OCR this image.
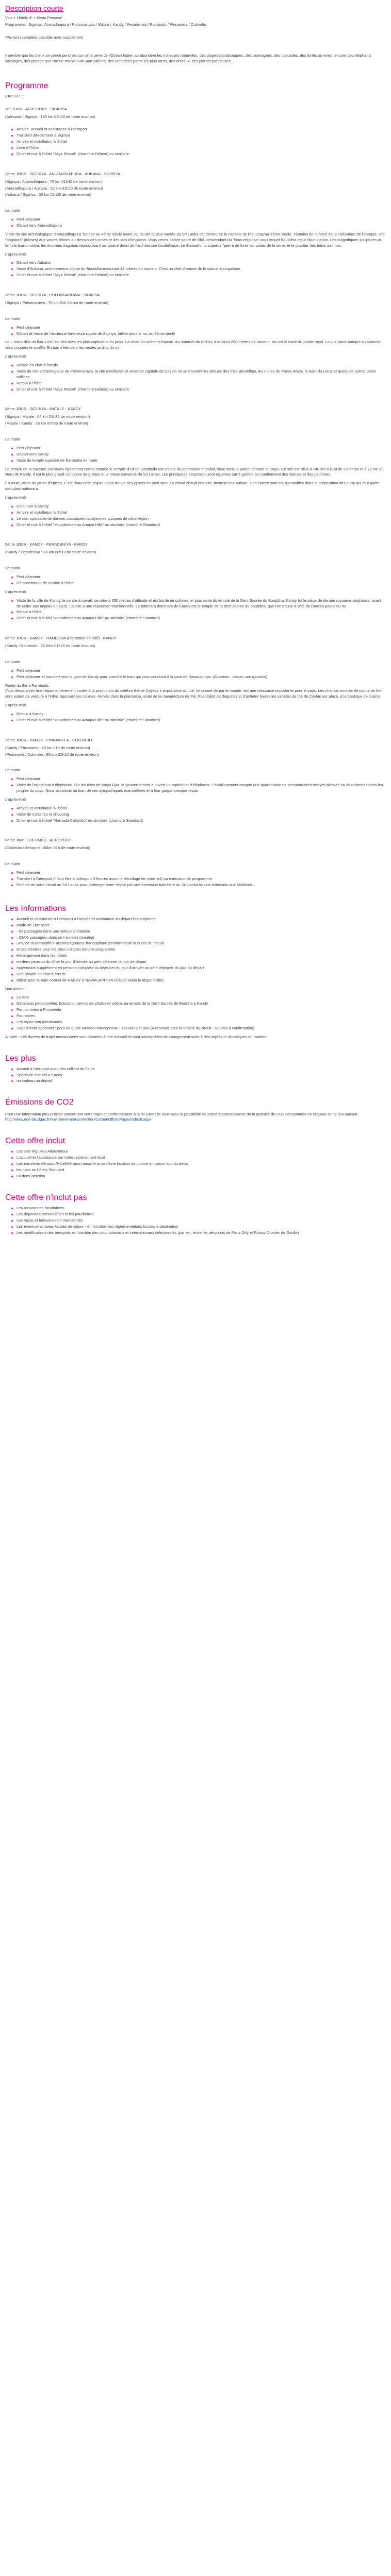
Description courte

Vols + Hôtels 4* + Demi Pension*

Programme : Sigiriya / Anuradhapura / Polonnaruwa / Matale / Kandy / Peradeniya / Rambodo / Pinnawela / Colombo

*Pension complète possible avec supplément

Il semble que les dieux se soient penchés sur cette perle de l'Océan Indien au abondent les richesses naturelles, des plages paradisiaques, des montagnes, des cascades, des forêts où vivent encore des éléphants sauvages, des plantes que l'on ne trouve nulle part ailleurs, des orchidées parmi les plus rares, des oiseaux, des pierres précieuses...

Programme

CIRCUIT :

1er JOUR : AEROPORT - SIGIRIYA

(Aéroport / Sigiriya : 190 km 04h40 de route environ)

Arrivée, accueil et assistance à l'aéroport
Transfert directement à Sigiriya
Arrivée et installation à l'hôtel
Libre à l'hôtel
Dîner et nuit à l'hôtel "Aliya Resort" (chambre Deluxe) ou similaire

2ème JOUR : SIGIRIYA - ANURADHAPURA - AUKANA - SIGIRIYA

(Sigiriya / Anuradhapura : 75 km 01h40 de route environ)

(Anuradhapura / Aukana : 52 km 01h20 de route environ)

(Aukana / Sigiriya : 50 km 01h20 de route environ)

Le matin

Petit déjeuner
Départ vers Anuradhapura

Visite du site archéologique d'Anuradhapura: fondée au 4ème siècle avant JC, la cité la plus sacrée du Sri Lanka est demeurée la capitale de l'île jusqu'au Xème siècle. Témoins de la force de la civilisation de l'époque, ses "dagobas" (dômes) aux vastes dômes au-dessus des cimes et des lacs d'irrigation. Vous verrez l'arbre sacré de Bhô, descendant du "ficus religiosa" sous lequel Bouddha reçut l'illumination. Les magnifiques sculptures du temple Isurumuniya, les énormes dagobas reproduisant les quatre dieux de l'architecture bouddhique. Le Samadhi, la superbe "pierre de lune" du palais de la reine, et le quartier des bains des rois.

L'après-midi

Départ vers Aukana
Visite d'Aukana, une immense statue du Bouddha mesurant 12 mètres en hauteur. C'est un chef d'œuvre de la statuaire cingalaise
Dîner et nuit à l'hôtel "Aliya Resort" (chambre Deluxe) ou similaire

3ème JOUR : SIGIRIYA - POLONNARUWA - SIGIRIYA

(Sigiriya / Polonnaruwa : 70 km 01h 40mm de route environ)

Le matin

Petit déjeuner
Départ et Visite de l'ancienne forteresse royale de Sigiriya, taillée dans le roc au 5ème siècle

Le « monolithe du lion » est l'un des sites les plus captivants du pays. La visite du rocher s'impose. Au sommet du rocher, à environ 200 mètres de hauteur, on voit le tracé du palais royal. La vue panoramique au sommet vous coupera le souffle. En bas s'étendent les vastes jardins du roi.

L'après-midi

Balade en char à bœufs
Visite du site archéologique de Polonnaruwa, la cité médiévale et seconde capitale de Ceylan où se trouvent les statues des trois Bouddhas, les ruines du Palais Royal, le Bain du Lotus et quelques autres petits édifices
Retour à l'hôtel
Dîner et nuit à l'hôtel "Aliya Resort" (chambre Deluxe) ou similaire

4ème JOUR : SIGIRIYA - MATALE - KANDY

(Sigiriya / Matale : 64 km 01h35 de route environ)

(Matale / Kandy : 26 km 00h35 de route environ)

Le matin

Petit déjeuner
Départ vers Kandy
Visite du temple rupestre de Dambulla en route

Le temple de la caverne Dambulla également connu comme le Temple d'Or de Dambulla est un site du patrimoine mondial, situé dans la partie centrale du pays. Ce site est situé à 148 km à l'Est de Colombo et à 72 km au Nord de Kandy. Il est le plus grand complexe de grottes et le mieux conservé du Sri Lanka. Les principales attractions sont réparties sur 5 grottes qui contiennent des statues et des peintures.

En route, visite du jardin d'épices. C'est dans cette région qu'on trouve des épices en profusion. Le climat chaud et moite, favorise leur culture. Des épices sont indispensables dans la préparation des curry qui font partie des plats nationaux.

L'après-midi

Continuer à Kandy
Arrivée et installation à l'hôtel
Le soir, spectacle de danses classiques kandyennes typiques de cette région
Dîner et nuit à l'hôtel "Mountbatten ou Amaya Hills" ou similaire (chambre Standard)

5ème JOUR : KANDY - PERADENIYA - KANDY

(Kandy / Peradeniya : 08 km 00h10 de route environ)

Le matin

Petit déjeuner
Démonstration de cuisine à l'hôtel

L'après-midi

Visite de la ville de Kandy, le centre à travail, se situe à 350 mètres d'altitude et est bordé de collines, et puis visite du temple de la Dent Sacrée du Bouddha. Kandy fut le siège de dernier royaume cinghalais, avant de céder aux anglais en 1815. La ville a une réputation traditionnelle. Le bâtiment dominant de Kandy est le temple de la dent sacrée du bouddha, que l'on trouve à côté de l'ancien palais du roi
Retour à l'hôtel
Dîner et nuit à l'hôtel "Mountbatten ou Amaya Hills" ou similaire (chambre Standard)

6ème JOUR : KANDY - RAMBODA (Plantation de Thé) - KANDY

(Kandy / Ramboda : 52 kms 01h20 de route environ)

Le matin

Petit déjeuner
Petit déjeuner et transfert vers la gare de Kandy pour prendre le train qui vous conduira à la gare de Nawalapitiya. (Attention : sièges non garantis)

Route du thé à Ramboda.
Vous découvrirez une région entièrement vouée à la production du célèbre thé de Ceylan. L'exportation du thé, renommé de par le monde, est une ressource importante pour le pays. Les champs ombrés de plants de thé sont autant de verdure à l'infini, tapissant les collines. Arrivée dans la plantation, visite de la manufacture de thé. Possibilité de dégustez et d'acheter toutes les variétés de thé de Ceylan sur place, à la boutique de l'usine.

L'après-midi

Retour à Kandy
Dîner et nuit à l'hôtel "Mountbatten ou Amaya Hills" ou similaire (chambre Standard)

7ème JOUR : KANDY - PINNAWELA - COLOMBO

(Kandy / Pinnawela : 43 km 01h de route environ)

(Pinnawela / Colombo : 86 km 02h10 de route environ)

Le matin

Petit déjeuner
Visite de l'orphelinat d'éléphants. Sur les rives de Maya Oya, le gouvernement a ouvert un orphelinat d'éléphants. L'établissement compte une quarantaine de pensionnaires trouvés blessés ou abandonnés dans les jungles du pays. Nous assistons au bain de ces sympathiques mammifères et à leur gargantuesque repas.

L'après-midi

Arrivée et installation à l'hôtel
Visite de Colombo et shopping
Dîner et nuit à l'hôtel "Ramada Colombo" ou similaire (chambre Standard)

8ème Jour : COLOMBO - AEROPORT

(Colombo / Aéroport : 40km 01h de route environ)

Le matin

Petit déjeuner
Transfert à l'aéroport (il faut être à l'aéroport 3 heures avant le décollage de votre vol) ou extension de programme
Profitez de votre circuit au Sri Lanka pour prolonger votre séjour par une extension balnéaire au Sri Lanka ou une extension aux Maldives...
Les Informations
Accueil et assistance à l'aéroport à l'arrivée et assistance au départ Francophone
Mode de Transport :
- 02 passagers dans une voiture climatisée
- 03/06 passagers dans un mini-van climatisé
Service d'un chauffeur accompagnateur francophone pendant toute la durée du circuit
Droits d'entrée pour les sites indiqués dans le programme
Hébergement dans les hôtels
en demi pension du dîner le jour d'arrivée au petit déjeuner le jour de départ
moyennant supplément en pension complète du déjeuner du jour d'arrivée au petit déjeuner du jour du départ
Une balade en char à bœufs
Billets pour le train normal de KANDY à NAWALAPITIYA (sièges selon la disponibilité)

Non inclus :

Le visa
Dépenses personnelles, boissons, permis de photos et vidéos au temple de la Dent Sacrée de Buddha à Kandy
Permis vidéo à Pinnawela
Pourboires
Les repas non mentionnés
Supplément optionnel : pour un guide national francophone : 75euros par jour (A réserver pour la totalité du circuit - Soumis à confirmation)

A noter : Les durées de trajet mentionnées sont données à titre indicatif et sont susceptibles de changement suite à des imprévus climatiques ou routiers.

Les plus
Accueil à l'aéroport avec des colliers de fleurs
Spectacle culturel à Kandy
un cadeau au départ
Émissions de CO2

Pour une information plus précise concernant votre trajet et conformément à la loi Grenelle vous avez la possibilité de prendre connaissance de la quantité de CO2 consommée en cliquant sur le lien suivant : http://www.eco-bis.dgac.fr/environnement-protection/CarbonOffset/PagesIndexIt.aspx

Cette offre inclut
Les vols réguliers Aller/Retour
L'accueil et l'assistance par notre représentant local
Les transferts Aéroport/Hôtel/Aéroport aussi le prise d'une location de voiture en option lors du devis
les nuits en hôtels Standard
La demi-pension
Cette offre n'inclut pas
Les assurances facultatives
Les dépenses personnelles et les pourboires
Les repas et boissons non mentionnés
Les éventuelles taxes locales de séjour - en fonction des réglementations locales à destination
Les modifications des aéroports en fonction des vols nationaux et internationaux sélectionnés (par ex : entre les aéroports de Paris Orly et Roissy Charles de Gaulle)
